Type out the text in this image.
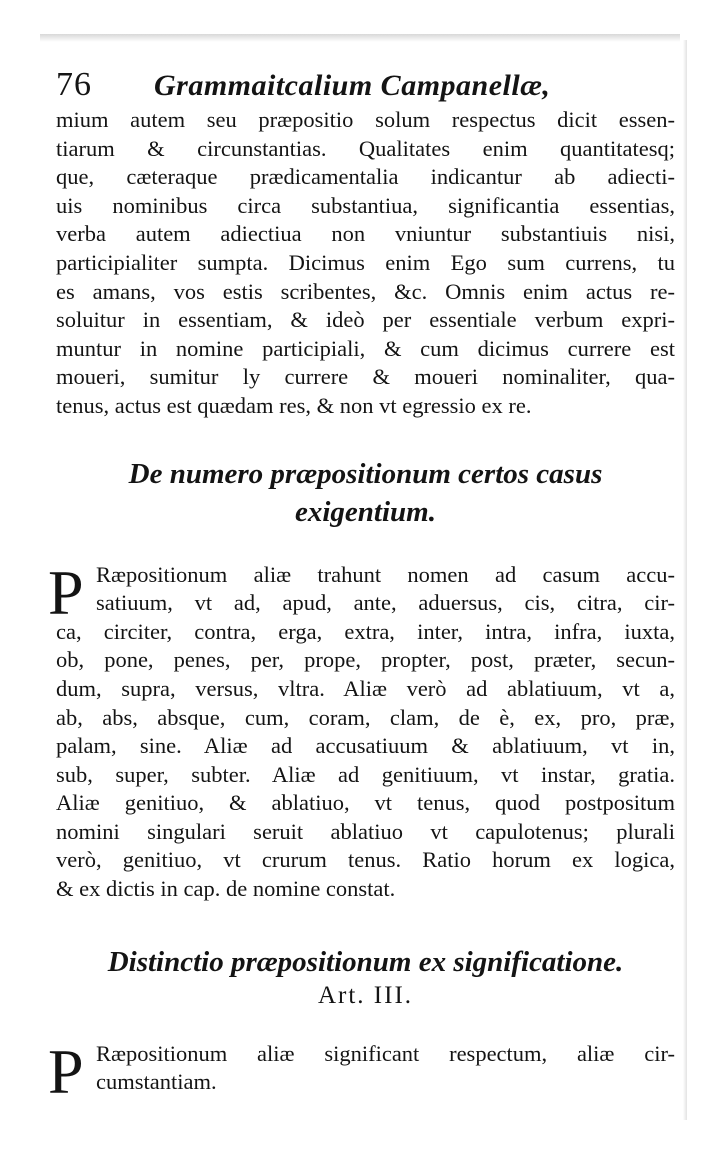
76	Grammaitcalium Campanellæ,
mium autem seu præpositio solum respectus dicit essen-
tiarum & circunstantias. Qualitates enim quantitatesq;
que, cæteraque prædicamentalia indicantur ab adiecti-
uis nominibus circa substantiua, significantia essentias,
verba autem adiectiua non vniuntur substantiuis nisi,
participialiter sumpta. Dicimus enim Ego sum currens, tu
es amans, vos estis scribentes, &c. Omnis enim actus re-
soluitur in essentiam, & ideò per essentiale verbum expri-
muntur in nomine participiali, & cum dicimus currere est
moueri, sumitur ly currere & moueri nominaliter, qua-
tenus, actus est quædam res, & non vt egressio ex re.
De numero præpositionum certos casus
exigentium.
P Ræpositionum aliæ trahunt nomen ad casum accu-
satiuum, vt ad, apud, ante, aduersus, cis, citra, cir-
ca, circiter, contra, erga, extra, inter, intra, infra, iuxta,
ob, pone, penes, per, prope, propter, post, præter, secun-
dum, supra, versus, vltra. Aliæ verò ad ablatiuum, vt a,
ab, abs, absque, cum, coram, clam, de è, ex, pro, præ,
palam, sine. Aliæ ad accusatiuum & ablatiuum, vt in,
sub, super, subter. Aliæ ad genitiuum, vt instar, gratia.
Aliæ genitiuo, & ablatiuo, vt tenus, quod postpositum
nomini singulari seruit ablatiuo vt capulotenus; plurali
verò, genitiuo, vt crurum tenus. Ratio horum ex logica,
& ex dictis in cap. de nomine constat.
Distinctio præpositionum ex significatione.
Art. III.
P Ræpositionum aliæ significant respectum, aliæ cir-
cumstantiam.
